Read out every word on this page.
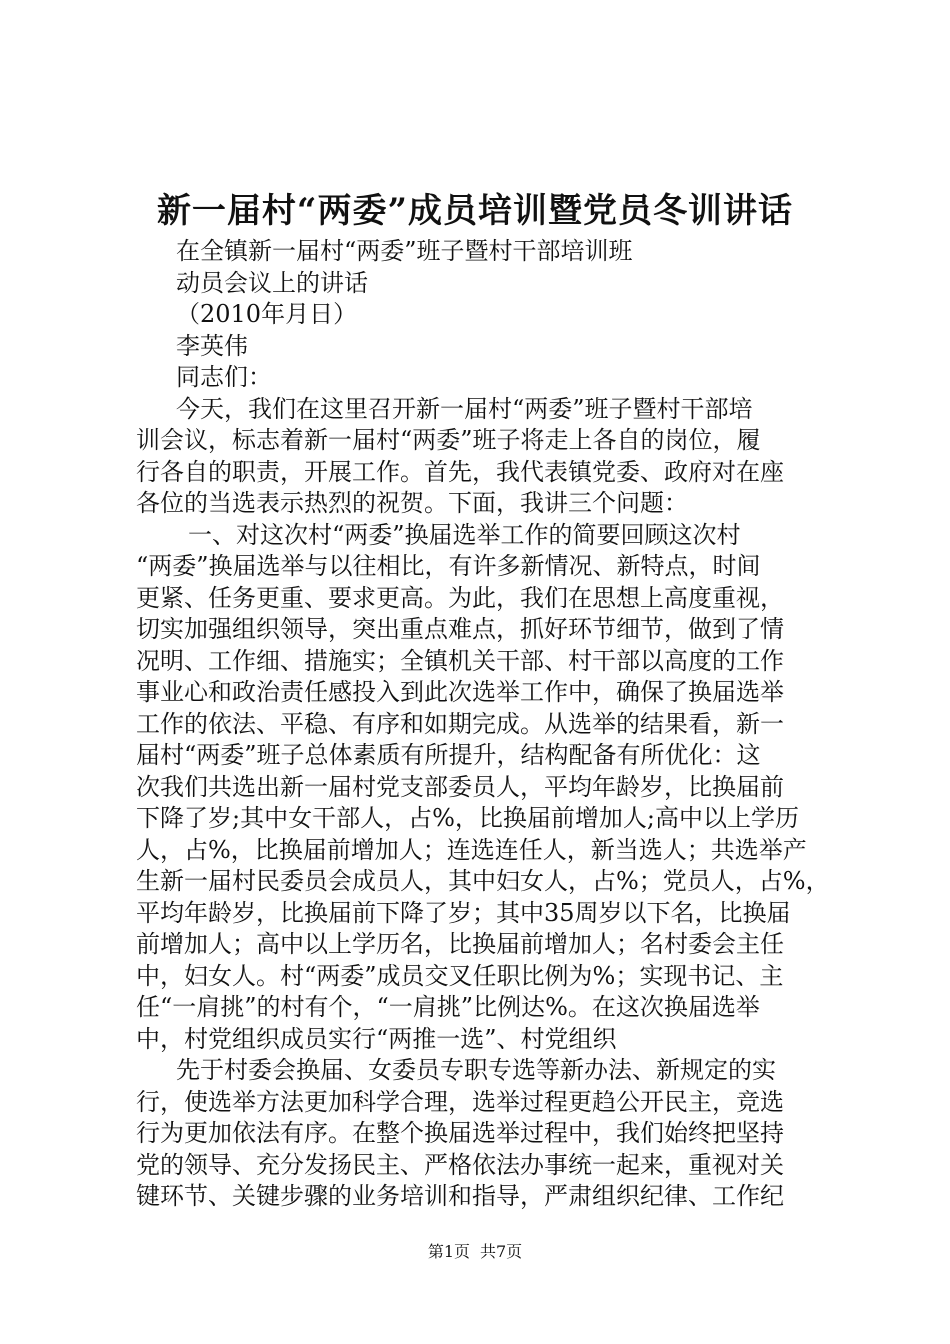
新一届村“两委”成员培训暨党员冬训讲话
在全镇新一届村“两委”班子暨村干部培训班
动员会议上的讲话
（2010年月日）
李英伟
同志们：
今天，我们在这里召开新一届村“两委”班子暨村干部培
训会议，标志着新一届村“两委”班子将走上各自的岗位，履
行各自的职责，开展工作。首先，我代表镇党委、政府对在座
各位的当选表示热烈的祝贺。下面，我讲三个问题：
一、对这次村“两委”换届选举工作的简要回顾这次村
“两委”换届选举与以往相比，有许多新情况、新特点，时间
更紧、任务更重、要求更高。为此，我们在思想上高度重视，
切实加强组织领导，突出重点难点，抓好环节细节，做到了情
况明、工作细、措施实；全镇机关干部、村干部以高度的工作
事业心和政治责任感投入到此次选举工作中，确保了换届选举
工作的依法、平稳、有序和如期完成。从选举的结果看，新一
届村“两委”班子总体素质有所提升，结构配备有所优化：这
次我们共选出新一届村党支部委员人，平均年龄岁，比换届前
下降了岁;其中女干部人，占%，比换届前增加人;高中以上学历
人，占%，比换届前增加人；连选连任人，新当选人；共选举产
生新一届村民委员会成员人，其中妇女人，占%；党员人，占%，
平均年龄岁，比换届前下降了岁；其中35周岁以下名，比换届
前增加人；高中以上学历名，比换届前增加人；名村委会主任
中，妇女人。村“两委”成员交叉任职比例为%；实现书记、主
任“一肩挑”的村有个，“一肩挑”比例达%。在这次换届选举
中，村党组织成员实行“两推一选”、村党组织
先于村委会换届、女委员专职专选等新办法、新规定的实
行，使选举方法更加科学合理，选举过程更趋公开民主，竞选
行为更加依法有序。在整个换届选举过程中，我们始终把坚持
党的领导、充分发扬民主、严格依法办事统一起来，重视对关
键环节、关键步骤的业务培训和指导，严肃组织纪律、工作纪
第1页 共7页
